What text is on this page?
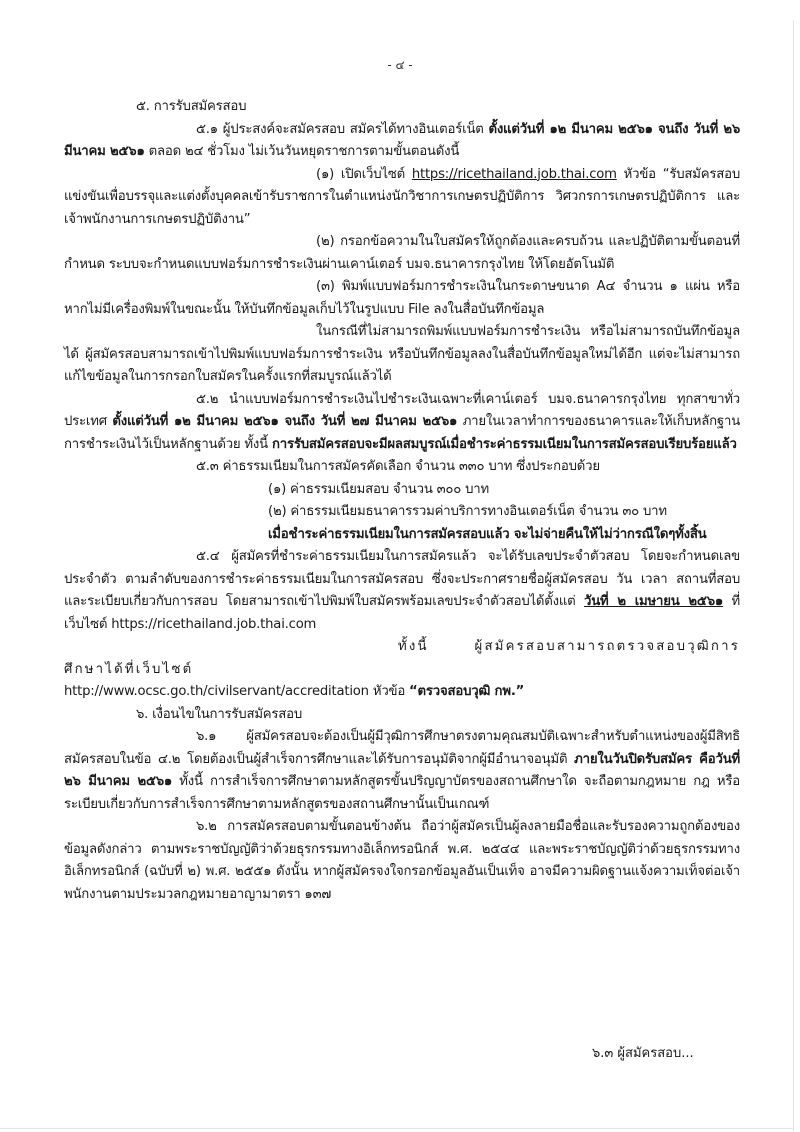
- ๔ -

๕. การรับสมัครสอบ

๕.๑ ผู้ประสงค์จะสมัครสอบ สมัครได้ทางอินเตอร์เน็ต ตั้งแต่วันที่ ๑๒ มีนาคม ๒๕๖๑ จนถึง วันที่ ๒๖ มีนาคม ๒๕๖๑ ตลอด ๒๔ ชั่วโมง ไม่เว้นวันหยุดราชการตามขั้นตอนดังนี้

(๑) เปิดเว็บไซต์ https://ricethailand.job.thai.com หัวข้อ “รับสมัครสอบแข่งขันเพื่อบรรจุและแต่งตั้งบุคคลเข้ารับราชการในตำแหน่งนักวิชาการเกษตรปฏิบัติการ วิศวกรการเกษตรปฏิบัติการ และเจ้าพนักงานการเกษตรปฏิบัติงาน”

(๒) กรอกข้อความในใบสมัครให้ถูกต้องและครบถ้วน และปฏิบัติตามขั้นตอนที่กำหนด ระบบจะกำหนดแบบฟอร์มการชำระเงินผ่านเคาน์เตอร์ บมจ.ธนาคารกรุงไทย ให้โดยอัตโนมัติ

(๓) พิมพ์แบบฟอร์มการชำระเงินในกระดาษขนาด A๔ จำนวน ๑ แผ่น หรือหากไม่มีเครื่องพิมพ์ในขณะนั้น ให้บันทึกข้อมูลเก็บไว้ในรูปแบบ File ลงในสื่อบันทึกข้อมูล

ในกรณีที่ไม่สามารถพิมพ์แบบฟอร์มการชำระเงิน หรือไม่สามารถบันทึกข้อมูลได้ ผู้สมัครสอบสามารถเข้าไปพิมพ์แบบฟอร์มการชำระเงิน หรือบันทึกข้อมูลลงในสื่อบันทึกข้อมูลใหม่ได้อีก แต่จะไม่สามารถแก้ไขข้อมูลในการกรอกใบสมัครในครั้งแรกที่สมบูรณ์แล้วได้

๕.๒ นำแบบฟอร์มการชำระเงินไปชำระเงินเฉพาะที่เคาน์เตอร์ บมจ.ธนาคารกรุงไทย ทุกสาขาทั่วประเทศ ตั้งแต่วันที่ ๑๒ มีนาคม ๒๕๖๑ จนถึง วันที่ ๒๗ มีนาคม ๒๕๖๑ ภายในเวลาทำการของธนาคารและให้เก็บหลักฐานการชำระเงินไว้เป็นหลักฐานด้วย ทั้งนี้ การรับสมัครสอบจะมีผลสมบูรณ์เมื่อชำระค่าธรรมเนียมในการสมัครสอบเรียบร้อยแล้ว

๕.๓ ค่าธรรมเนียมในการสมัครคัดเลือก จำนวน ๓๓๐ บาท ซึ่งประกอบด้วย

(๑) ค่าธรรมเนียมสอบ จำนวน ๓๐๐ บาท

(๒) ค่าธรรมเนียมธนาคารรวมค่าบริการทางอินเตอร์เน็ต จำนวน ๓๐ บาท

เมื่อชำระค่าธรรมเนียมในการสมัครสอบแล้ว จะไม่จ่ายคืนให้ไม่ว่ากรณีใดๆทั้งสิ้น

๕.๔ ผู้สมัครที่ชำระค่าธรรมเนียมในการสมัครแล้ว จะได้รับเลขประจำตัวสอบ โดยจะกำหนดเลขประจำตัว ตามลำดับของการชำระค่าธรรมเนียมในการสมัครสอบ ซึ่งจะประกาศรายชื่อผู้สมัครสอบ วัน เวลา สถานที่สอบ และระเบียบเกี่ยวกับการสอบ โดยสามารถเข้าไปพิมพ์ใบสมัครพร้อมเลขประจำตัวสอบได้ตั้งแต่ วันที่ ๒ เมษายน ๒๕๖๑ ที่เว็บไซต์ https://ricethailand.job.thai.com

ทั้งนี้ ผู้สมัครสอบสามารถตรวจสอบวุฒิการศึกษาได้ที่เว็บไซต์

http://www.ocsc.go.th/civilservant/accreditation หัวข้อ “ตรวจสอบวุฒิ กพ.”

๖. เงื่อนไขในการรับสมัครสอบ

๖.๑ ผู้สมัครสอบจะต้องเป็นผู้มีวุฒิการศึกษาตรงตามคุณสมบัติเฉพาะสำหรับตำแหน่งของผู้มีสิทธิสมัครสอบในข้อ ๔.๒ โดยต้องเป็นผู้สำเร็จการศึกษาและได้รับการอนุมัติจากผู้มีอำนาจอนุมัติ ภายในวันปิดรับสมัคร คือวันที่ ๒๖ มีนาคม ๒๕๖๑ ทั้งนี้ การสำเร็จการศึกษาตามหลักสูตรขั้นปริญญาบัตรของสถานศึกษาใด จะถือตามกฎหมาย กฎ หรือระเบียบเกี่ยวกับการสำเร็จการศึกษาตามหลักสูตรของสถานศึกษานั้นเป็นเกณฑ์

๖.๒ การสมัครสอบตามขั้นตอนข้างต้น ถือว่าผู้สมัครเป็นผู้ลงลายมือชื่อและรับรองความถูกต้องของข้อมูลดังกล่าว ตามพระราชบัญญัติว่าด้วยธุรกรรมทางอิเล็กทรอนิกส์ พ.ศ. ๒๕๔๔ และพระราชบัญญัติว่าด้วยธุรกรรมทางอิเล็กทรอนิกส์ (ฉบับที่ ๒) พ.ศ. ๒๕๕๑ ดังนั้น หากผู้สมัครจงใจกรอกข้อมูลอันเป็นเท็จ อาจมีความผิดฐานแจ้งความเท็จต่อเจ้าพนักงานตามประมวลกฎหมายอาญามาตรา ๑๓๗

๖.๓ ผู้สมัครสอบ...
